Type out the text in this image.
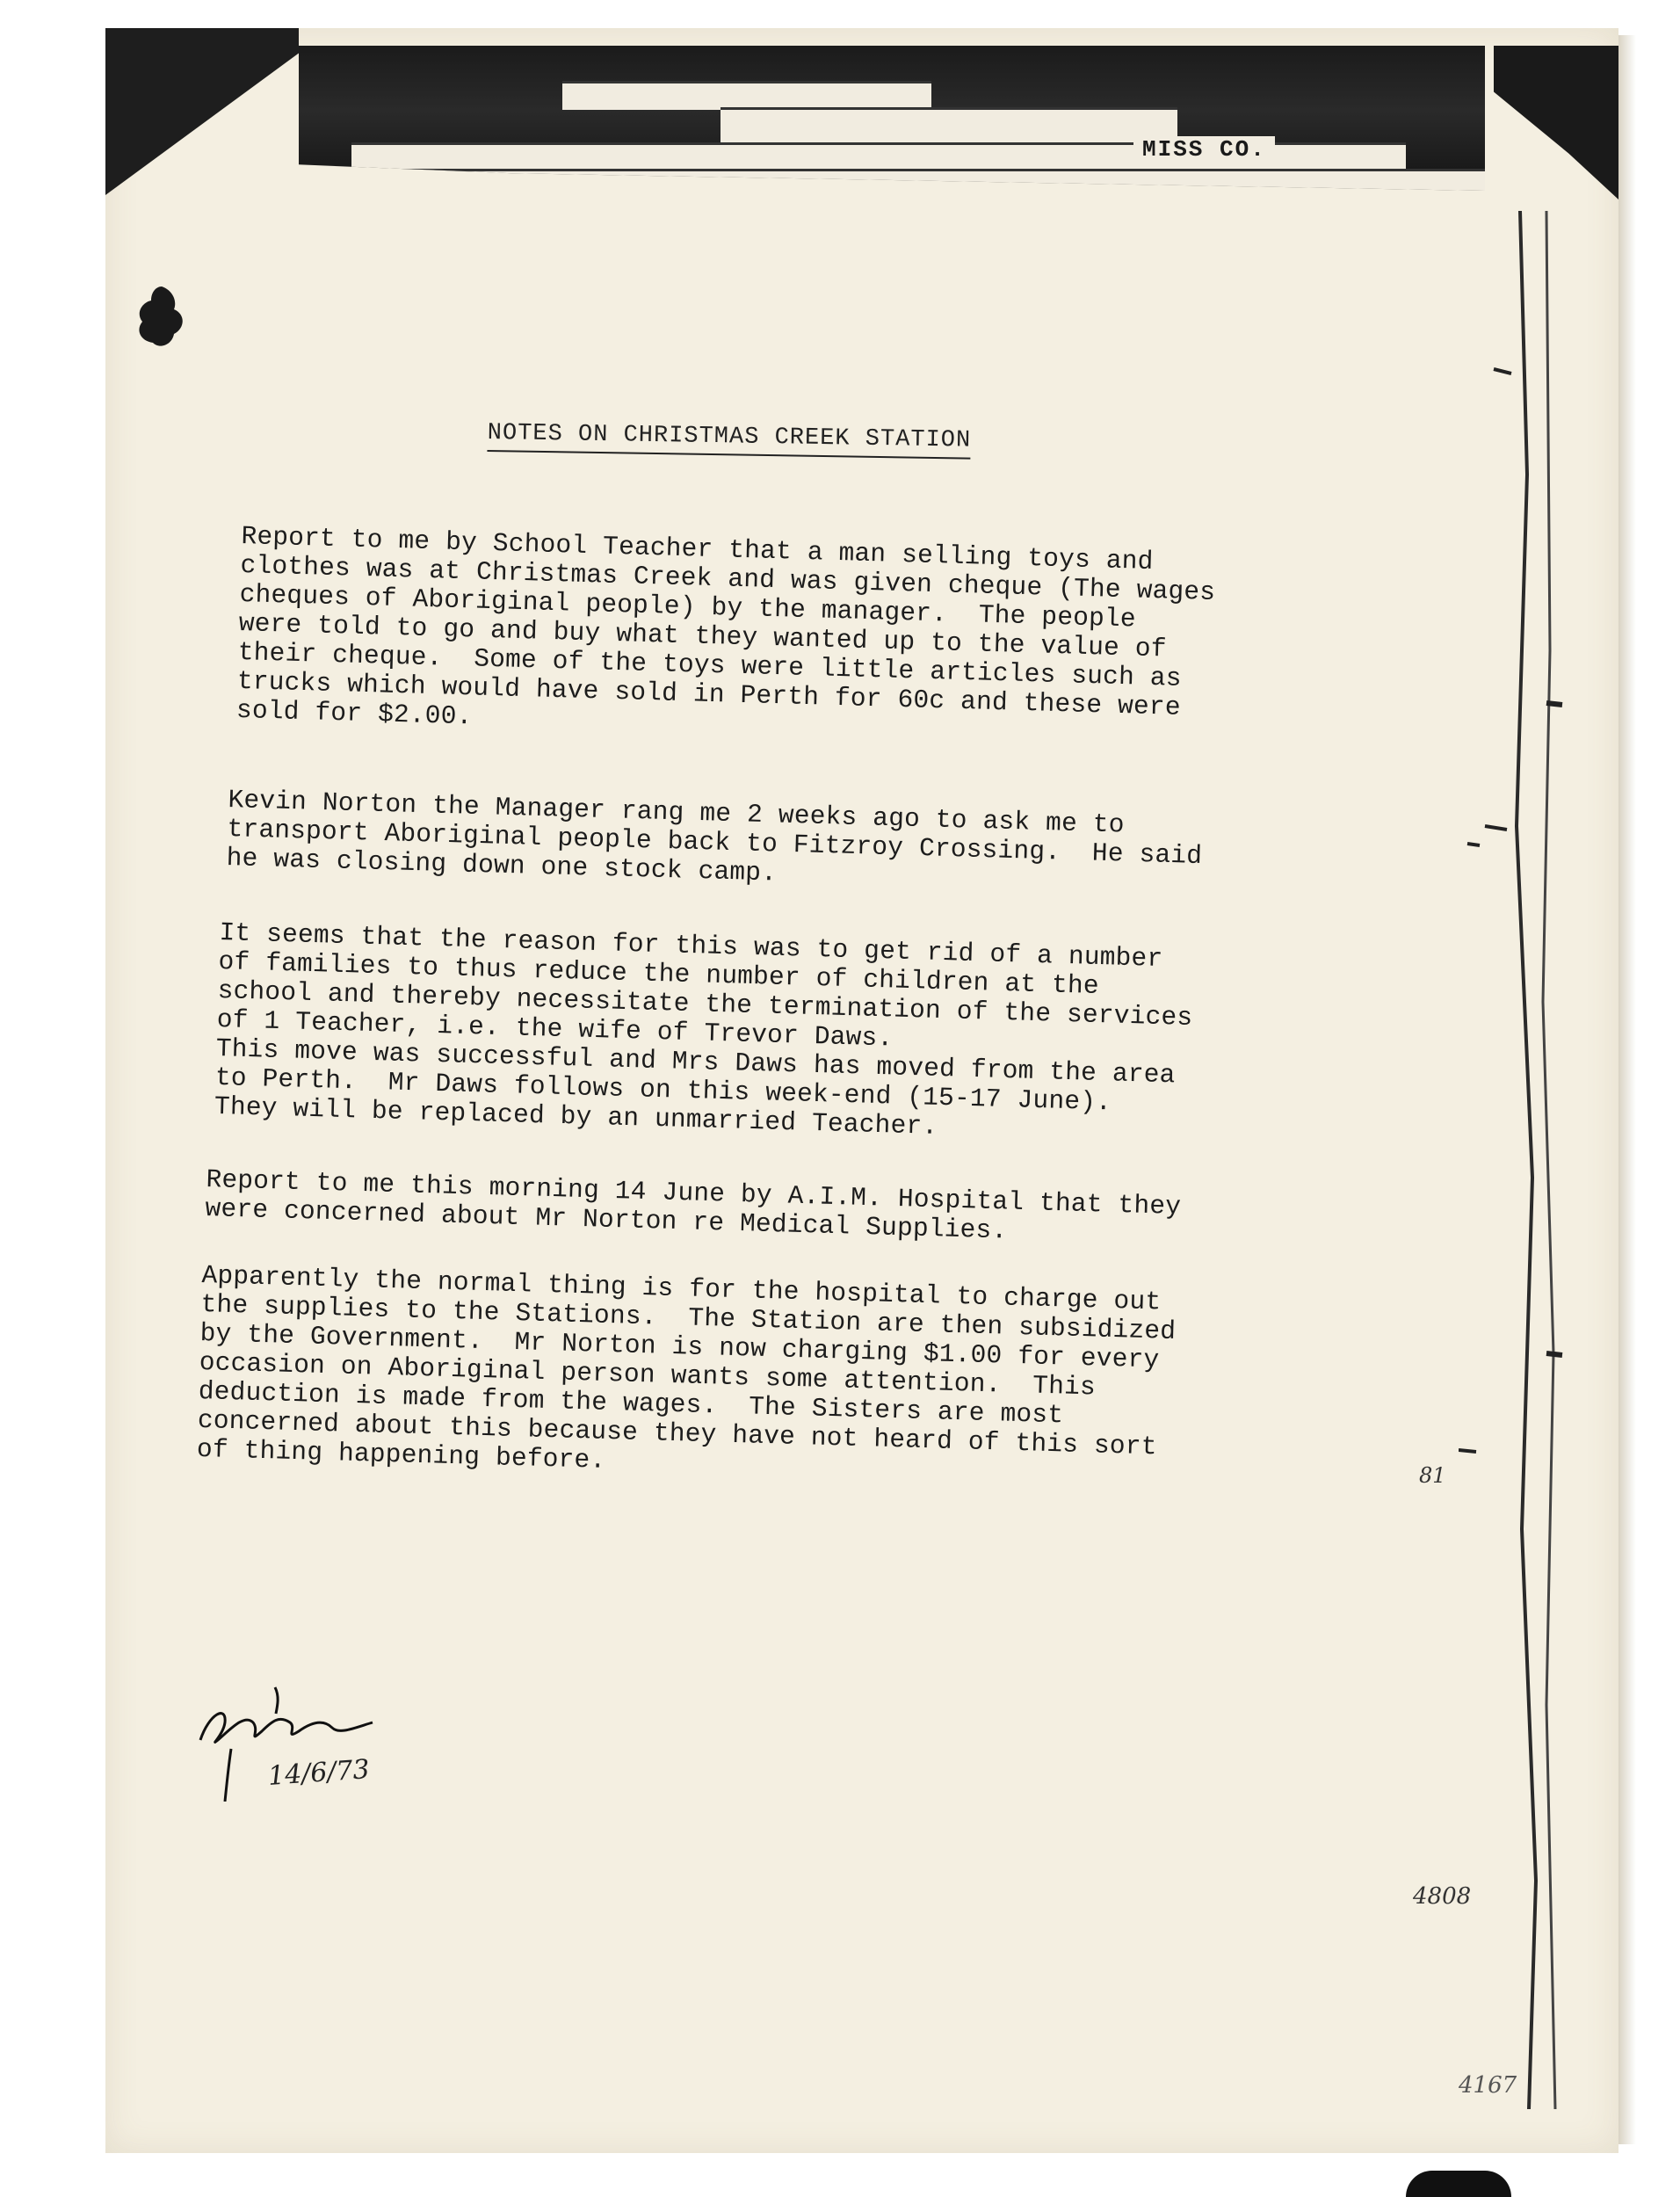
MISS CO.
NOTES ON CHRISTMAS CREEK STATION
Report to me by School Teacher that a man selling toys and
clothes was at Christmas Creek and was given cheque (The wages
cheques of Aboriginal people) by the manager.  The people
were told to go and buy what they wanted up to the value of
their cheque.  Some of the toys were little articles such as
trucks which would have sold in Perth for 60c and these were
sold for $2.00.
Kevin Norton the Manager rang me 2 weeks ago to ask me to
transport Aboriginal people back to Fitzroy Crossing.  He said
he was closing down one stock camp.
It seems that the reason for this was to get rid of a number
of families to thus reduce the number of children at the
school and thereby necessitate the termination of the services
of 1 Teacher, i.e. the wife of Trevor Daws.
This move was successful and Mrs Daws has moved from the area
to Perth.  Mr Daws follows on this week-end (15-17 June).
They will be replaced by an unmarried Teacher.
Report to me this morning 14 June by A.I.M. Hospital that they
were concerned about Mr Norton re Medical Supplies.
Apparently the normal thing is for the hospital to charge out
the supplies to the Stations.  The Station are then subsidized
by the Government.  Mr Norton is now charging $1.00 for every
occasion on Aboriginal person wants some attention.  This
deduction is made from the wages.  The Sisters are most
concerned about this because they have not heard of this sort
of thing happening before.
14/6/73
81
4808
4167
